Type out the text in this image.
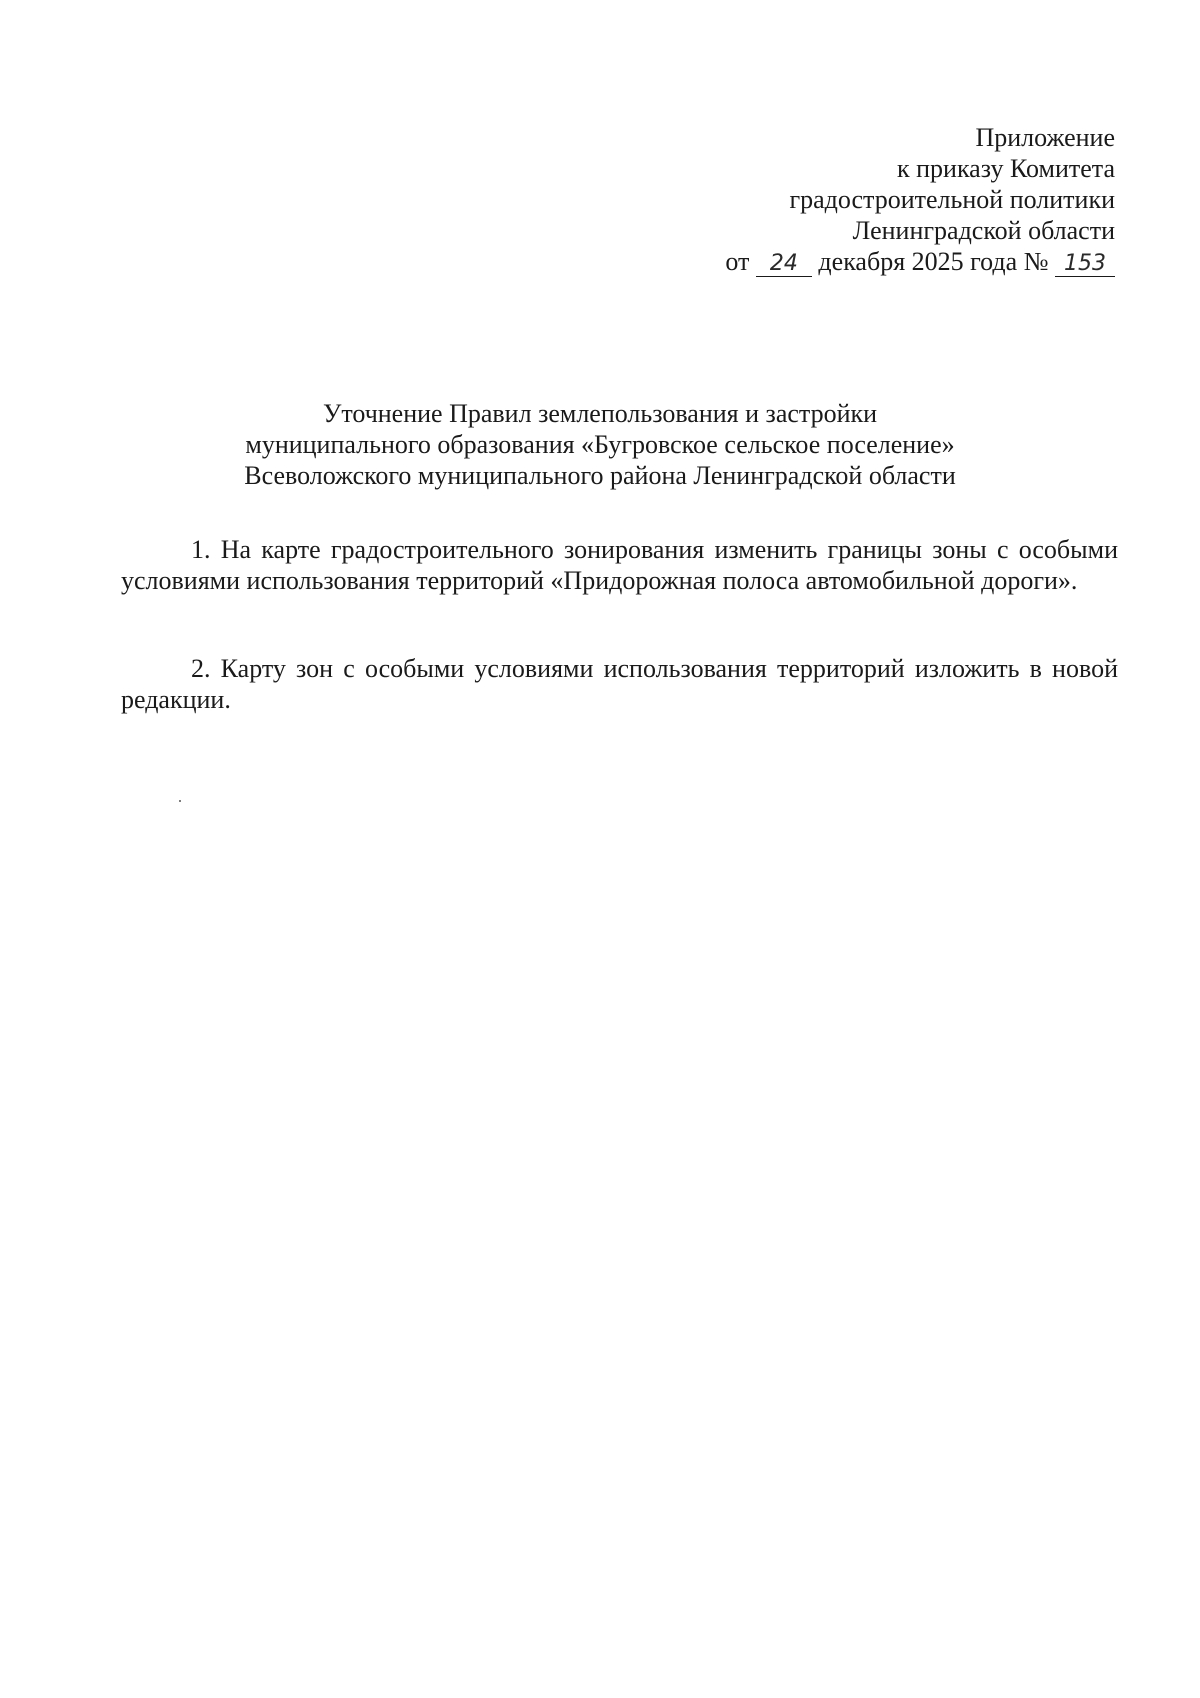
Приложение
к приказу Комитета
градостроительной политики
Ленинградской области
от 24 декабря 2025 года № 153
Уточнение Правил землепользования и застройки
муниципального образования «Бугровское сельское поселение»
Всеволожского муниципального района Ленинградской области

1. На карте градостроительного зонирования изменить границы зоны с особыми условиями использования территорий «Придорожная полоса автомобильной дороги».

2. Карту зон с особыми условиями использования территорий изложить в новой редакции.
